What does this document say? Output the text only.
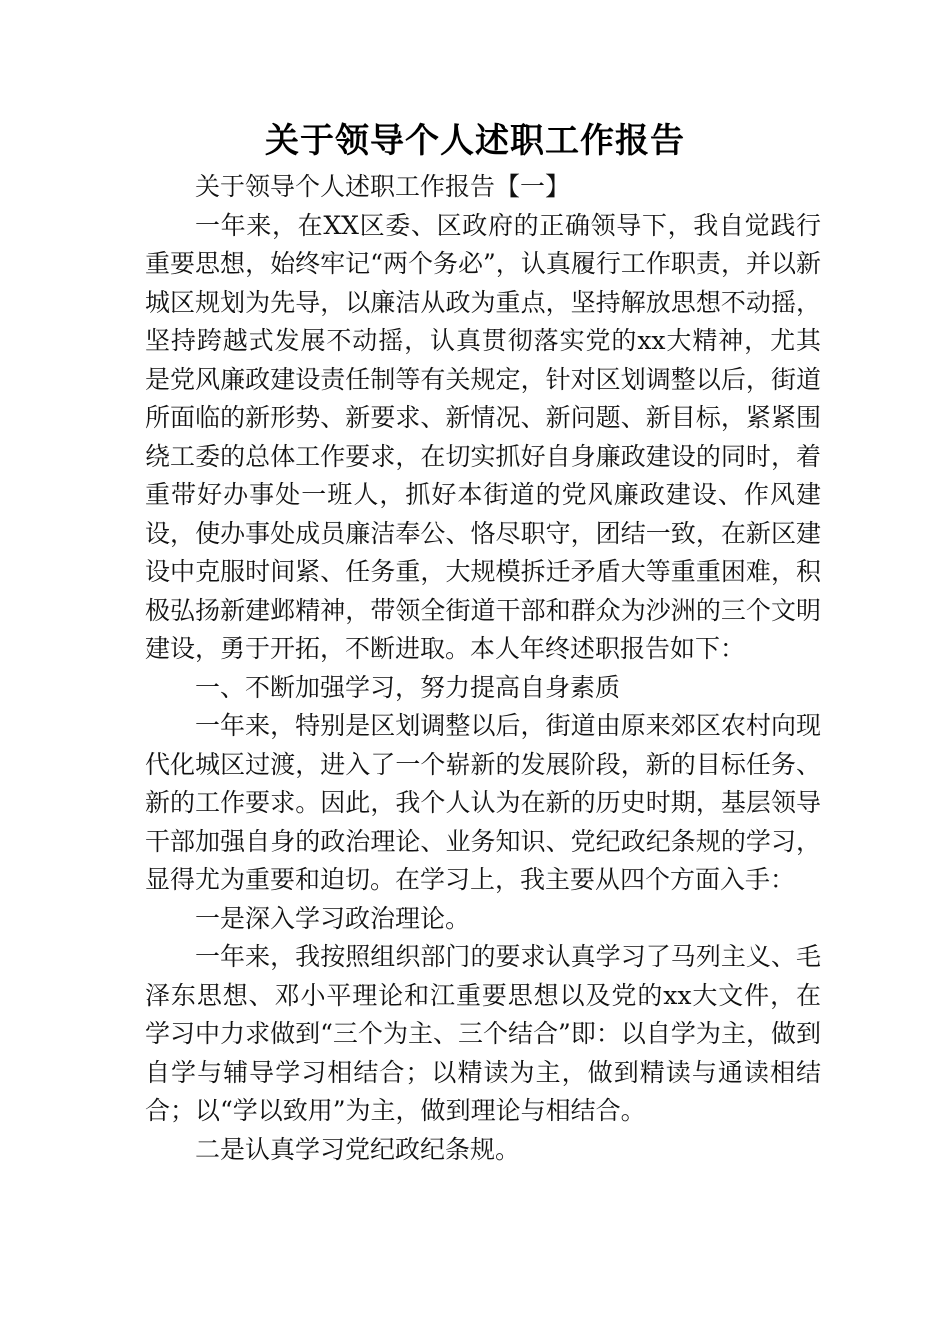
关于领导个人述职工作报告

关于领导个人述职工作报告【一】

一年来，在XX区委、区政府的正确领导下，我自觉践行重要思想，始终牢记“两个务必”，认真履行工作职责，并以新城区规划为先导，以廉洁从政为重点，坚持解放思想不动摇，坚持跨越式发展不动摇，认真贯彻落实党的xx大精神，尤其是党风廉政建设责任制等有关规定，针对区划调整以后，街道所面临的新形势、新要求、新情况、新问题、新目标，紧紧围绕工委的总体工作要求，在切实抓好自身廉政建设的同时，着重带好办事处一班人，抓好本街道的党风廉政建设、作风建设，使办事处成员廉洁奉公、恪尽职守，团结一致，在新区建设中克服时间紧、任务重，大规模拆迁矛盾大等重重困难，积极弘扬新建邺精神，带领全街道干部和群众为沙洲的三个文明建设，勇于开拓，不断进取。本人年终述职报告如下：

一、不断加强学习，努力提高自身素质

一年来，特别是区划调整以后，街道由原来郊区农村向现代化城区过渡，进入了一个崭新的发展阶段，新的目标任务、新的工作要求。因此，我个人认为在新的历史时期，基层领导干部加强自身的政治理论、业务知识、党纪政纪条规的学习，显得尤为重要和迫切。在学习上，我主要从四个方面入手：

一是深入学习政治理论。

一年来，我按照组织部门的要求认真学习了马列主义、毛泽东思想、邓小平理论和江重要思想以及党的xx大文件，在学习中力求做到“三个为主、三个结合”即：以自学为主，做到自学与辅导学习相结合；以精读为主，做到精读与通读相结合；以“学以致用”为主，做到理论与相结合。

二是认真学习党纪政纪条规。
